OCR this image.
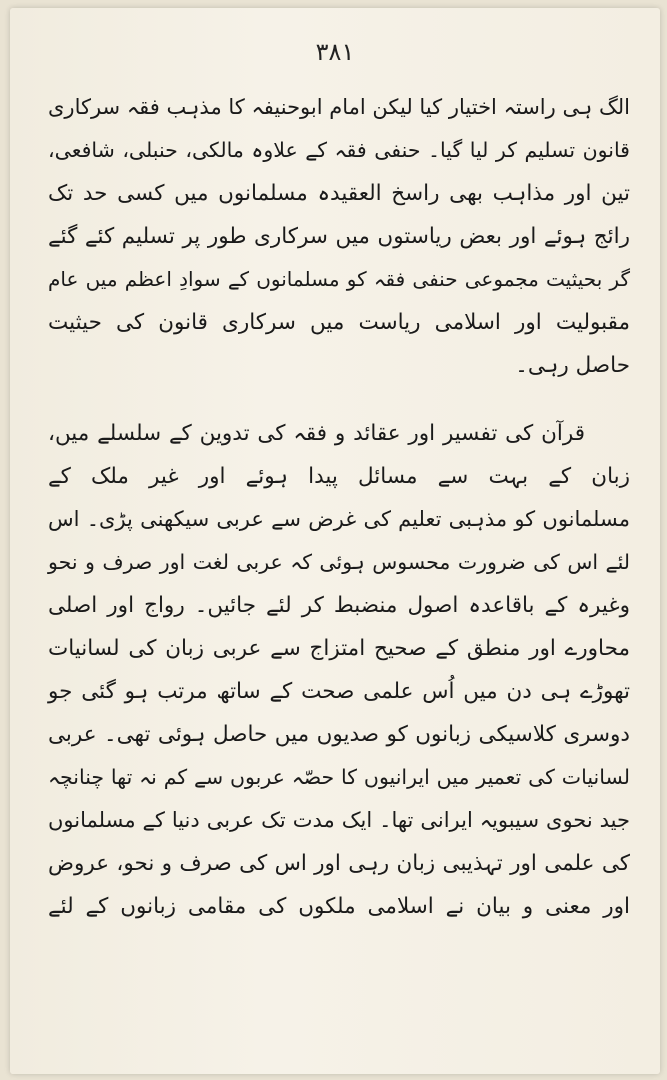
۳۸۱
الگ ہی راستہ اختیار کیا لیکن امام ابوحنیفہ کا مذہب فقہ سرکاری
قانون تسلیم کر لیا گیا۔ حنفی فقہ کے علاوہ مالکی، حنبلی، شافعی،
تین اور مذاہب بھی راسخ العقیدہ مسلمانوں میں کسی حد تک
رائج ہوئے اور بعض ریاستوں میں سرکاری طور پر تسلیم کئے گئے
گر بحیثیت مجموعی حنفی فقہ کو مسلمانوں کے سوادِ اعظم میں عام
مقبولیت اور اسلامی ریاست میں سرکاری قانون کی حیثیت
حاصل رہی۔
قرآن کی تفسیر اور عقائد و فقہ کی تدوین کے سلسلے میں،
زبان کے بہت سے مسائل پیدا ہوئے اور غیر ملک کے
مسلمانوں کو مذہبی تعلیم کی غرض سے عربی سیکھنی پڑی۔ اس
لئے اس کی ضرورت محسوس ہوئی کہ عربی لغت اور صرف و نحو
وغیرہ کے باقاعدہ اصول منضبط کر لئے جائیں۔ رواج اور اصلی
محاورے اور منطق کے صحیح امتزاج سے عربی زبان کی لسانیات
تھوڑے ہی دن میں اُس علمی صحت کے ساتھ مرتب ہو گئی جو
دوسری کلاسیکی زبانوں کو صدیوں میں حاصل ہوئی تھی۔ عربی
لسانیات کی تعمیر میں ایرانیوں کا حصّہ عربوں سے کم نہ تھا چنانچہ
جید نحوی سیبویہ ایرانی تھا۔ ایک مدت تک عربی دنیا کے مسلمانوں
کی علمی اور تہذیبی زبان رہی اور اس کی صرف و نحو، عروض
اور معنی و بیان نے اسلامی ملکوں کی مقامی زبانوں کے لئے
